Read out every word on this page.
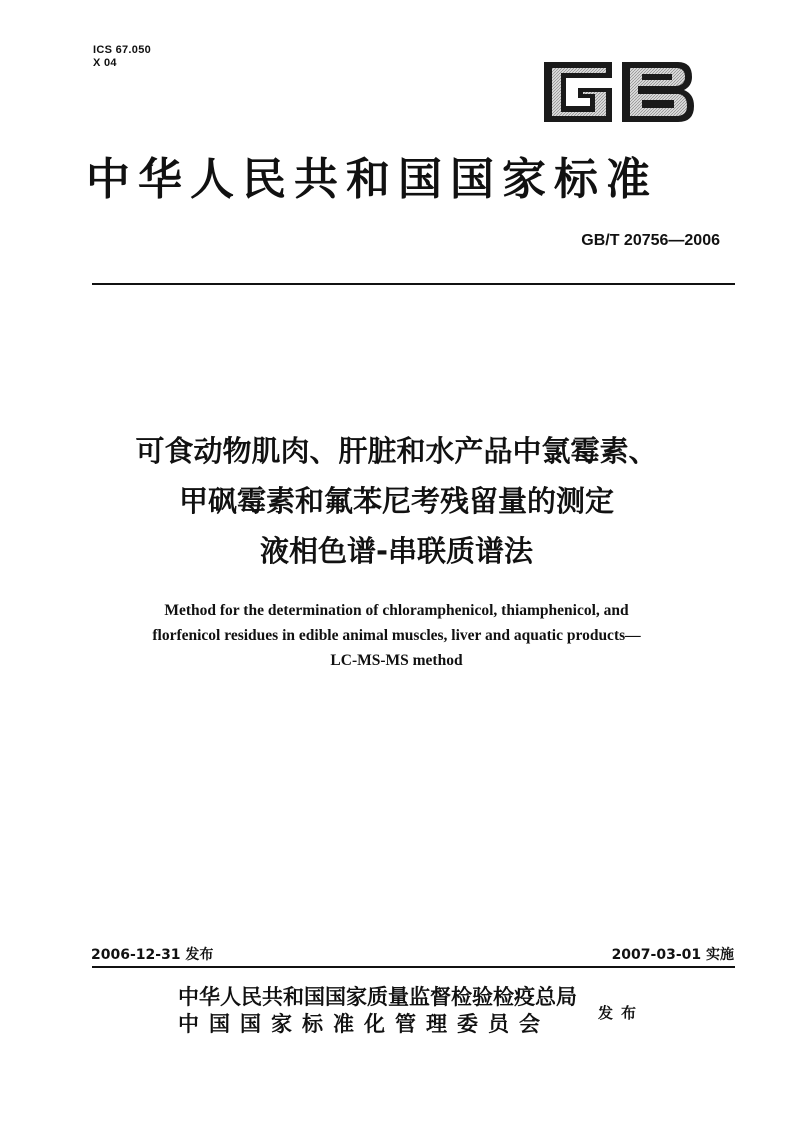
ICS 67.050
X 04
中华人民共和国国家标准
GB/T 20756—2006
可食动物肌肉、肝脏和水产品中氯霉素、
甲砜霉素和氟苯尼考残留量的测定
液相色谱-串联质谱法
Method for the determination of chloramphenicol, thiamphenicol, and
florfenicol residues in edible animal muscles, liver and aquatic products—
LC-MS-MS method
2006-12-31 发布	2007-03-01 实施
中华人民共和国国家质量监督检验检疫总局
中国国家标准化管理委员会	发布
